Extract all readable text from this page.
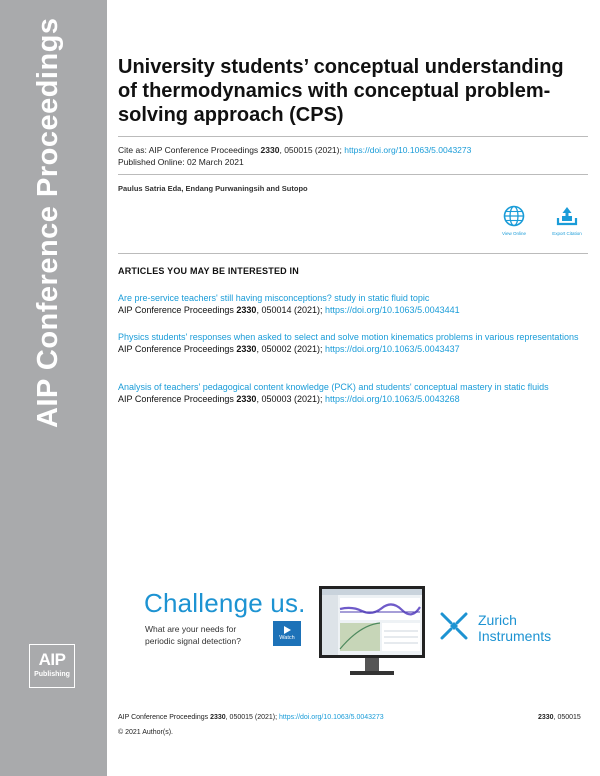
AIP Conference Proceedings
AIP
Publishing
University students’ conceptual understanding of thermodynamics with conceptual problem-solving approach (CPS)
Cite as: AIP Conference Proceedings 2330, 050015 (2021); https://doi.org/10.1063/5.0043273
Published Online: 02 March 2021
Paulus Satria Eda, Endang Purwaningsih and Sutopo
View Online	Export Citation
ARTICLES YOU MAY BE INTERESTED IN
Are pre-service teachers' still having misconceptions? study in static fluid topic
AIP Conference Proceedings 2330, 050014 (2021); https://doi.org/10.1063/5.0043441
Physics students' responses when asked to select and solve motion kinematics problems in various representations
AIP Conference Proceedings 2330, 050002 (2021); https://doi.org/10.1063/5.0043437
Analysis of teachers' pedagogical content knowledge (PCK) and students' conceptual mastery in static fluids
AIP Conference Proceedings 2330, 050003 (2021); https://doi.org/10.1063/5.0043268
Challenge us.
What are your needs for
periodic signal detection?	Watch
Zurich
Instruments
AIP Conference Proceedings 2330, 050015 (2021); https://doi.org/10.1063/5.0043273	2330, 050015
© 2021 Author(s).
